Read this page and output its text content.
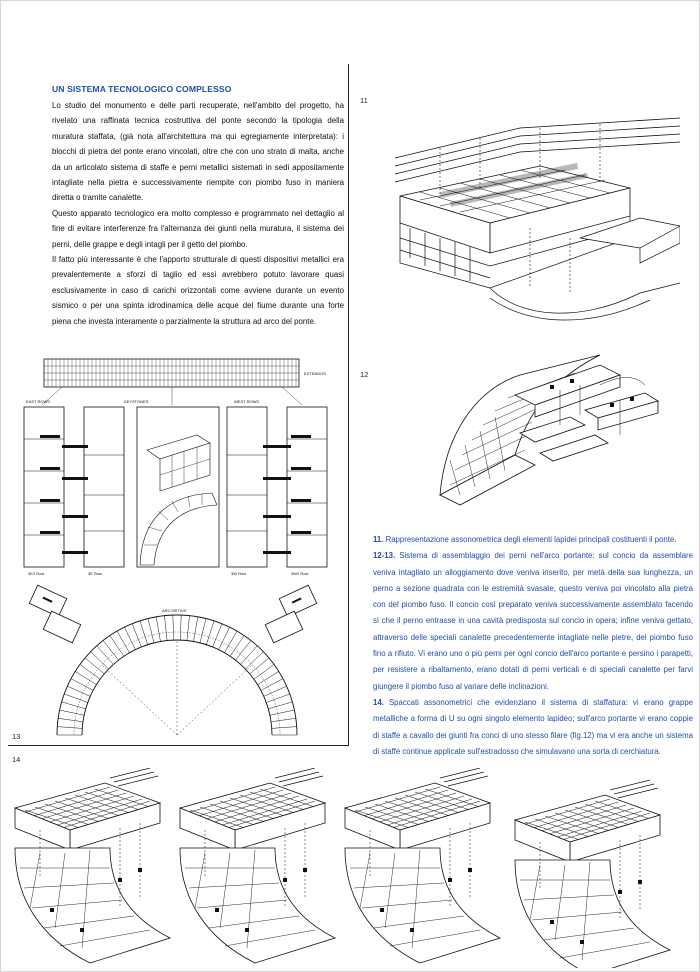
UN SISTEMA TECNOLOGICO COMPLESSO

Lo studio del monumento e delle parti recuperate, nell'ambito del progetto, ha rivelato una raffinata tecnica costruttiva del ponte secondo la tipologia della muratura staffata, (già nota all'architettura ma qui egregiamente interpretata): i blocchi di pietra del ponte erano vincolati, oltre che con uno strato di malta, anche da un articolato sistema di staffe e perni metallici sistemati in sedi appositamente intagliate nella pietra e successivamente riempite con piombo fuso in maniera diretta o tramite canalette.

Questo apparato tecnologico era molto complesso e programmato nel dettaglio al fine di evitare interferenze fra l'alternanza dei giunti nella muratura, il sistema dei perni, delle grappe e degli intagli per il getto del piombo.

Il fatto più interessante è che l'apporto strutturale di questi dispositivi metallici era prevalentemente a sforzi di taglio ed essi avrebbero potuto lavorare quasi esclusivamente in caso di carichi orizzontali come avviene durante un evento sismico o per una spinta idrodinamica delle acque del fiume durante una forte piena che investa interamente o parzialmente la struttura ad arco del ponte.

11
12
13
14
EXTRADOS
EAST ROWS	KEYSTONES	WEST ROWS
3E2 Row	3E Row	3W Row	3W2 Row
ARCOSITIUS

11. Rappresentazione assonometrica degli elementi lapidei principali costituenti il ponte.

12-13. Sistema di assemblaggio dei perni nell'arco portante: sul concio da assemblare veniva intagliato un alloggiamento dove veniva inserito, per metà della sua lunghezza, un perno a sezione quadrata con le estremità svasate, questo veniva poi vincolato alla pietra con del piombo fuso. Il concio così preparato veniva successivamente assemblato facendo sì che il perno entrasse in una cavità predisposta sul concio in opera; infine veniva gettato, attraverso delle speciali canalette precedentemente intagliate nelle pietre, del piombo fuso fino a rifiuto. Vi erano uno o più perni per ogni concio dell'arco portante e persino i parapetti, per resistere a ribaltamento, erano dotati di perni verticali e di speciali canalette per farvi giungere il piombo fuso al variare delle inclinazioni.

14. Spaccati assonometrici che evidenziano il sistema di staffatura: vi erano grappe metalliche a forma di U su ogni singolo elemento lapideo; sull'arco portante vi erano coppie di staffe a cavallo dei giunti fra conci di uno stesso filare (fig.12) ma vi era anche un sistema di staffe continue applicate sull'estradosso che simulavano una sorta di cerchiatura.
